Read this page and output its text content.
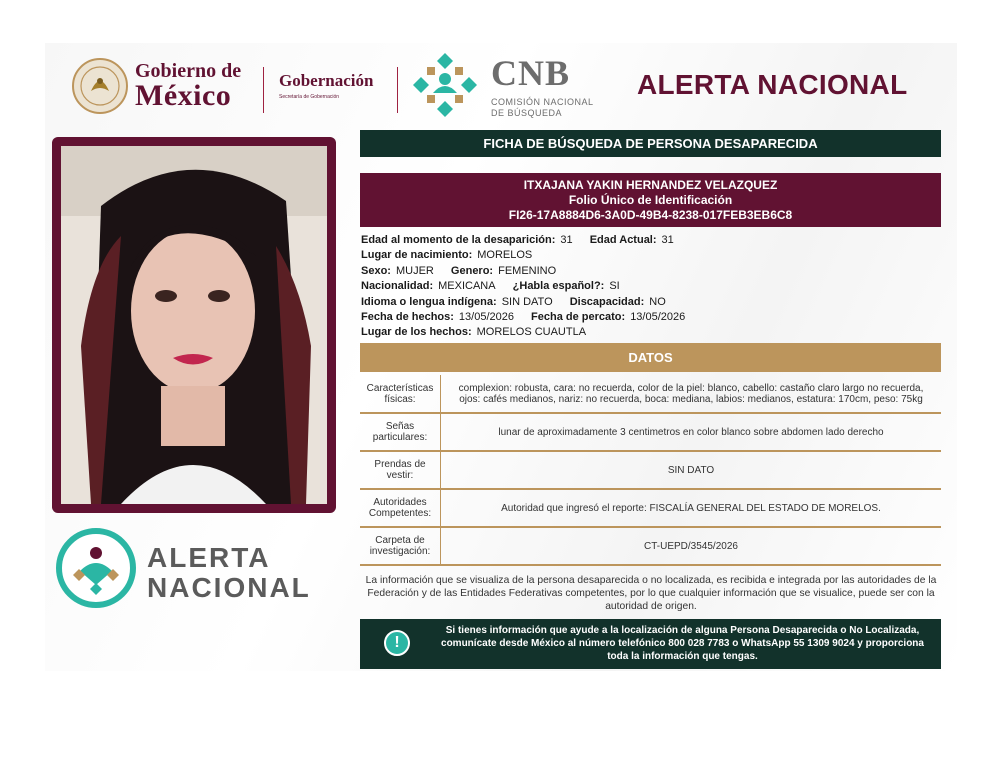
Gobierno de
México	Gobernación
Secretaría de Gobernación
CNB
COMISIÓN NACIONAL
DE BÚSQUEDA
ALERTA NACIONAL
ALERTA
NACIONAL
FICHA DE BÚSQUEDA DE PERSONA DESAPARECIDA
ITXAJANA YAKIN HERNANDEZ VELAZQUEZ
Folio Único de Identificación
FI26-17A8884D6-3A0D-49B4-8238-017FEB3EB6C8
Edad al momento de la desaparición: 31 Edad Actual: 31
Lugar de nacimiento: MORELOS
Sexo: MUJER Genero: FEMENINO
Nacionalidad: MEXICANA ¿Habla español?: SI
Idioma o lengua indígena: SIN DATO Discapacidad: NO
Fecha de hechos: 13/05/2026 Fecha de percato: 13/05/2026
Lugar de los hechos: MORELOS CUAUTLA
DATOS
Características físicas:	complexion: robusta, cara: no recuerda, color de la piel: blanco, cabello: castaño claro largo no recuerda, ojos: cafés medianos, nariz: no recuerda, boca: mediana, labios: medianos, estatura: 170cm, peso: 75kg
Señas particulares:	lunar de aproximadamente 3 centimetros en color blanco sobre abdomen lado derecho
Prendas de vestir:	SIN DATO
Autoridades Competentes:	Autoridad que ingresó el reporte: FISCALÍA GENERAL DEL ESTADO DE MORELOS.
Carpeta de investigación:	CT-UEPD/3545/2026
La información que se visualiza de la persona desaparecida o no localizada, es recibida e integrada por las autoridades de la Federación y de las Entidades Federativas competentes, por lo que cualquier información que se visualice, puede ser con la autoridad de origen.
!
Si tienes información que ayude a la localización de alguna Persona Desaparecida o No Localizada, comunícate desde México al número telefónico 800 028 7783 o WhatsApp 55 1309 9024 y proporciona toda la información que tengas.
